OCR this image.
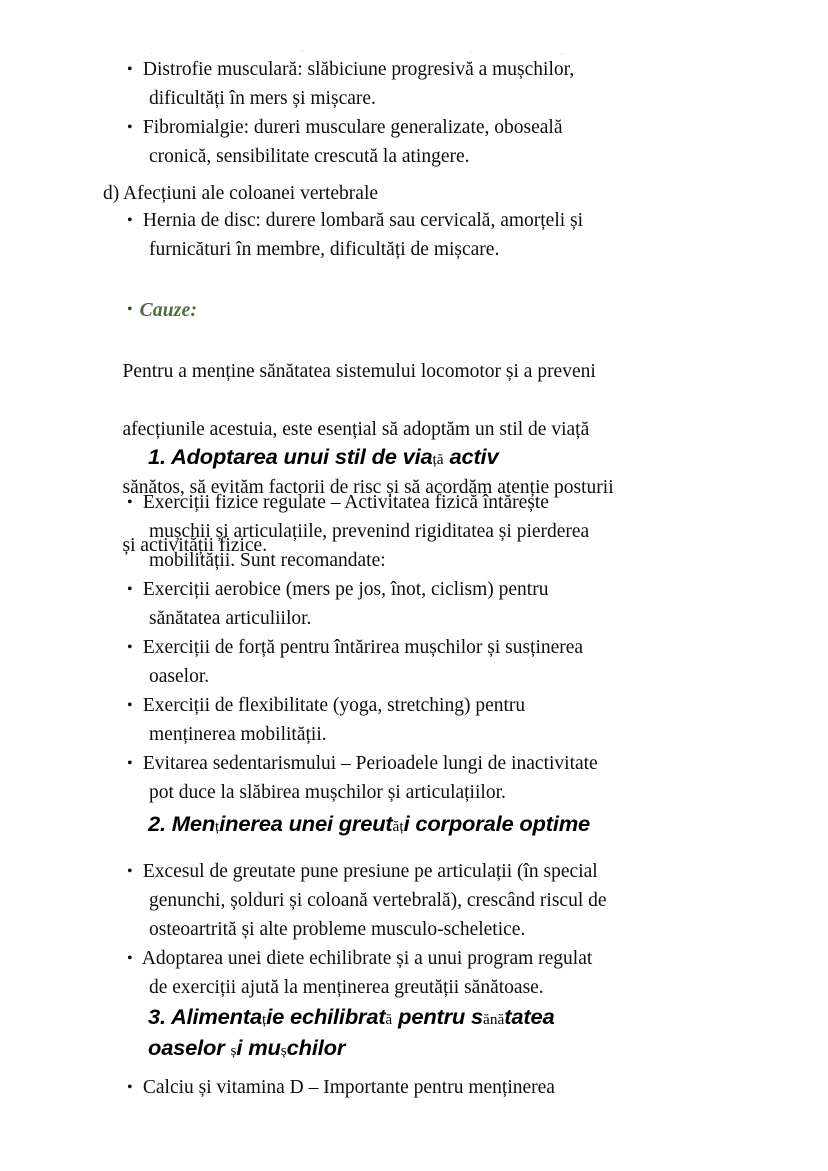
• Distrofie musculară: slăbiciune progresivă a mușchilor,
dificultăți în mers și mișcare.
• Fibromialgie: dureri musculare generalizate, oboseală
cronică, sensibilitate crescută la atingere.
d) Afecțiuni ale coloanei vertebrale
• Hernia de disc: durere lombară sau cervicală, amorțeli și
furnicături în membre, dificultăți de mișcare.
• Cauze:

Pentru a menține sănătatea sistemului locomotor și a preveni

afecțiunile acestuia, este esențial să adoptăm un stil de viață

sănătos, să evităm factorii de risc și să acordăm atenție posturii

și activității fizice.

1. Adoptarea unui stil de viață activ
• Exerciții fizice regulate – Activitatea fizică întărește
mușchii și articulațiile, prevenind rigiditatea și pierderea
mobilității. Sunt recomandate:
• Exerciții aerobice (mers pe jos, înot, ciclism) pentru
sănătatea articuliilor.
• Exerciții de forță pentru întărirea mușchilor și susținerea
oaselor.
• Exerciții de flexibilitate (yoga, stretching) pentru
menținerea mobilității.
• Evitarea sedentarismului – Perioadele lungi de inactivitate
pot duce la slăbirea mușchilor și articulațiilor.
2. Menținerea unei greutăți corporale optime
• Excesul de greutate pune presiune pe articulații (în special
genunchi, șolduri și coloană vertebrală), crescând riscul de
osteoartrită și alte probleme musculo-scheletice.
• Adoptarea unei diete echilibrate și a unui program regulat
de exerciții ajută la menținerea greutății sănătoase.
3. Alimentație echilibrată pentru sănătatea
oaselor și mușchilor
• Calciu și vitamina D – Importante pentru menținerea
